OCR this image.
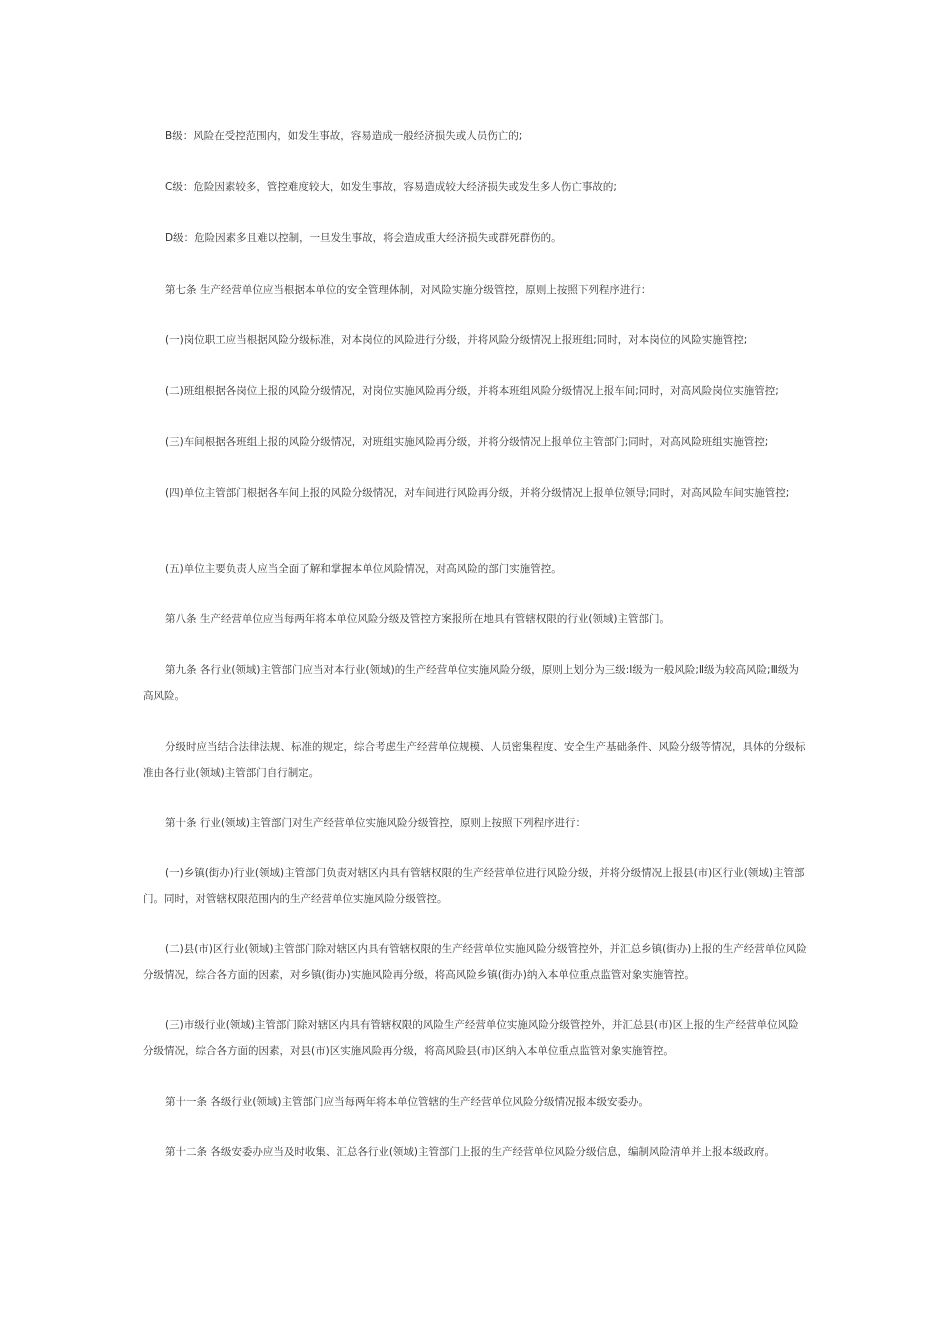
B级：风险在受控范围内，如发生事故，容易造成一般经济损失或人员伤亡的;

C级：危险因素较多，管控难度较大，如发生事故，容易造成较大经济损失或发生多人伤亡事故的;

D级：危险因素多且难以控制，一旦发生事故，将会造成重大经济损失或群死群伤的。

第七条 生产经营单位应当根据本单位的安全管理体制，对风险实施分级管控，原则上按照下列程序进行：

(一)岗位职工应当根据风险分级标准，对本岗位的风险进行分级，并将风险分级情况上报班组;同时，对本岗位的风险实施管控;

(二)班组根据各岗位上报的风险分级情况，对岗位实施风险再分级，并将本班组风险分级情况上报车间;同时，对高风险岗位实施管控;

(三)车间根据各班组上报的风险分级情况，对班组实施风险再分级，并将分级情况上报单位主管部门;同时，对高风险班组实施管控;

(四)单位主管部门根据各车间上报的风险分级情况，对车间进行风险再分级，并将分级情况上报单位领导;同时，对高风险车间实施管控;

(五)单位主要负责人应当全面了解和掌握本单位风险情况，对高风险的部门实施管控。

第八条 生产经营单位应当每两年将本单位风险分级及管控方案报所在地具有管辖权限的行业(领域)主管部门。

第九条 各行业(领域)主管部门应当对本行业(领域)的生产经营单位实施风险分级，原则上划分为三级:Ⅰ级为一般风险;Ⅱ级为较高风险;Ⅲ级为高风险。

分级时应当结合法律法规、标准的规定，综合考虑生产经营单位规模、人员密集程度、安全生产基础条件、风险分级等情况，具体的分级标准由各行业(领域)主管部门自行制定。

第十条 行业(领域)主管部门对生产经营单位实施风险分级管控，原则上按照下列程序进行：

(一)乡镇(街办)行业(领域)主管部门负责对辖区内具有管辖权限的生产经营单位进行风险分级，并将分级情况上报县(市)区行业(领域)主管部门。同时，对管辖权限范围内的生产经营单位实施风险分级管控。

(二)县(市)区行业(领域)主管部门除对辖区内具有管辖权限的生产经营单位实施风险分级管控外，并汇总乡镇(街办)上报的生产经营单位风险分级情况，综合各方面的因素，对乡镇(街办)实施风险再分级，将高风险乡镇(街办)纳入本单位重点监管对象实施管控。

(三)市级行业(领域)主管部门除对辖区内具有管辖权限的风险生产经营单位实施风险分级管控外，并汇总县(市)区上报的生产经营单位风险分级情况，综合各方面的因素，对县(市)区实施风险再分级，将高风险县(市)区纳入本单位重点监管对象实施管控。

第十一条 各级行业(领域)主管部门应当每两年将本单位管辖的生产经营单位风险分级情况报本级安委办。

第十二条 各级安委办应当及时收集、汇总各行业(领域)主管部门上报的生产经营单位风险分级信息，编制风险清单并上报本级政府。
